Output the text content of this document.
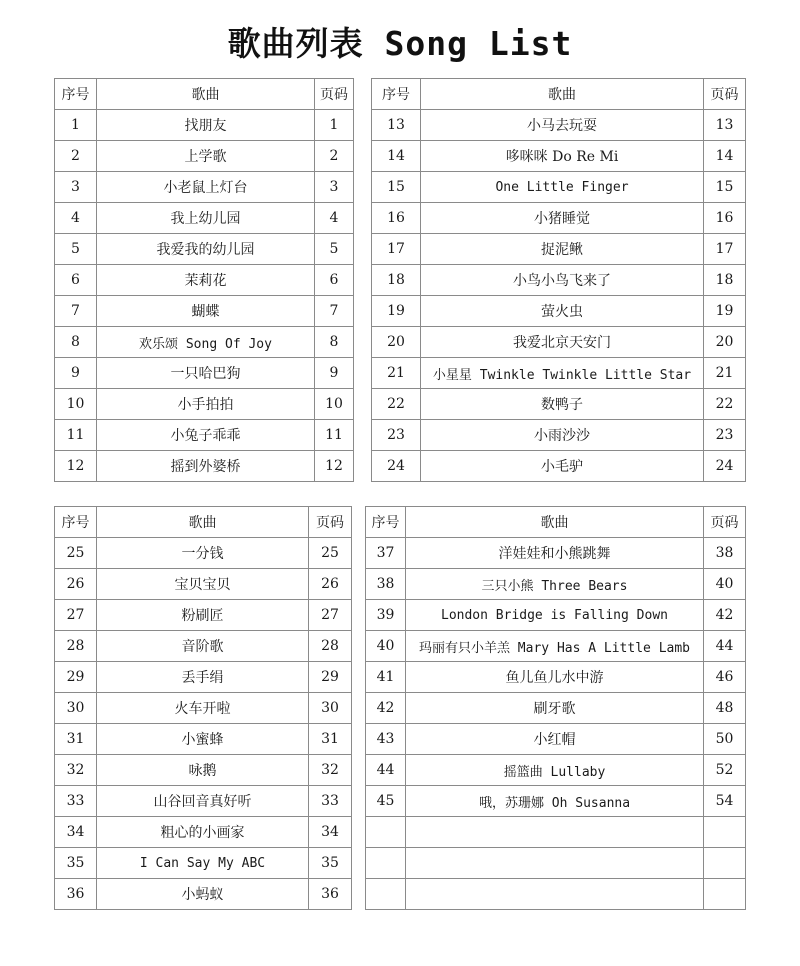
歌曲列表 Song List
序号	歌曲	页码
1	找朋友	1
2	上学歌	2
3	小老鼠上灯台	3
4	我上幼儿园	4
5	我爱我的幼儿园	5
6	茉莉花	6
7	蝴蝶	7
8	欢乐颂 Song Of Joy	8
9	一只哈巴狗	9
10	小手拍拍	10
11	小兔子乖乖	11
12	摇到外婆桥	12
序号	歌曲	页码
13	小马去玩耍	13
14	哆咪咪 Do Re Mi	14
15	One Little Finger	15
16	小猪睡觉	16
17	捉泥鳅	17
18	小鸟小鸟飞来了	18
19	萤火虫	19
20	我爱北京天安门	20
21	小星星 Twinkle Twinkle Little Star	21
22	数鸭子	22
23	小雨沙沙	23
24	小毛驴	24
序号	歌曲	页码
25	一分钱	25
26	宝贝宝贝	26
27	粉刷匠	27
28	音阶歌	28
29	丢手绢	29
30	火车开啦	30
31	小蜜蜂	31
32	咏鹅	32
33	山谷回音真好听	33
34	粗心的小画家	34
35	I Can Say My ABC	35
36	小蚂蚁	36
序号	歌曲	页码
37	洋娃娃和小熊跳舞	38
38	三只小熊 Three Bears	40
39	London Bridge is Falling Down	42
40	玛丽有只小羊羔 Mary Has A Little Lamb	44
41	鱼儿鱼儿水中游	46
42	刷牙歌	48
43	小红帽	50
44	摇篮曲 Lullaby	52
45	哦，苏珊娜 Oh Susanna	54
